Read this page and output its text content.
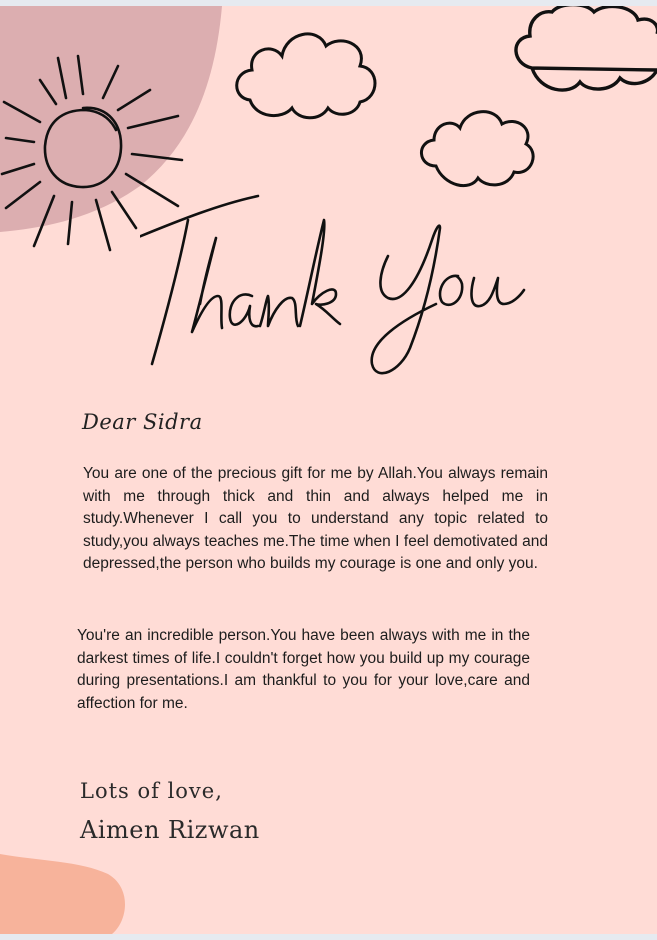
Dear Sidra

You are one of the precious gift for me by Allah.You always remain with me through thick and thin and always helped me in study.Whenever I call you to understand any topic related to study,you always teaches me.The time when I feel demotivated and depressed,the person who builds my courage is one and only you.

You're an incredible person.You have been always with me in the darkest times of life.I couldn't forget how you build up my courage during presentations.I am thankful to you for your love,care and affection for me.

Lots of love,
Aimen Rizwan
